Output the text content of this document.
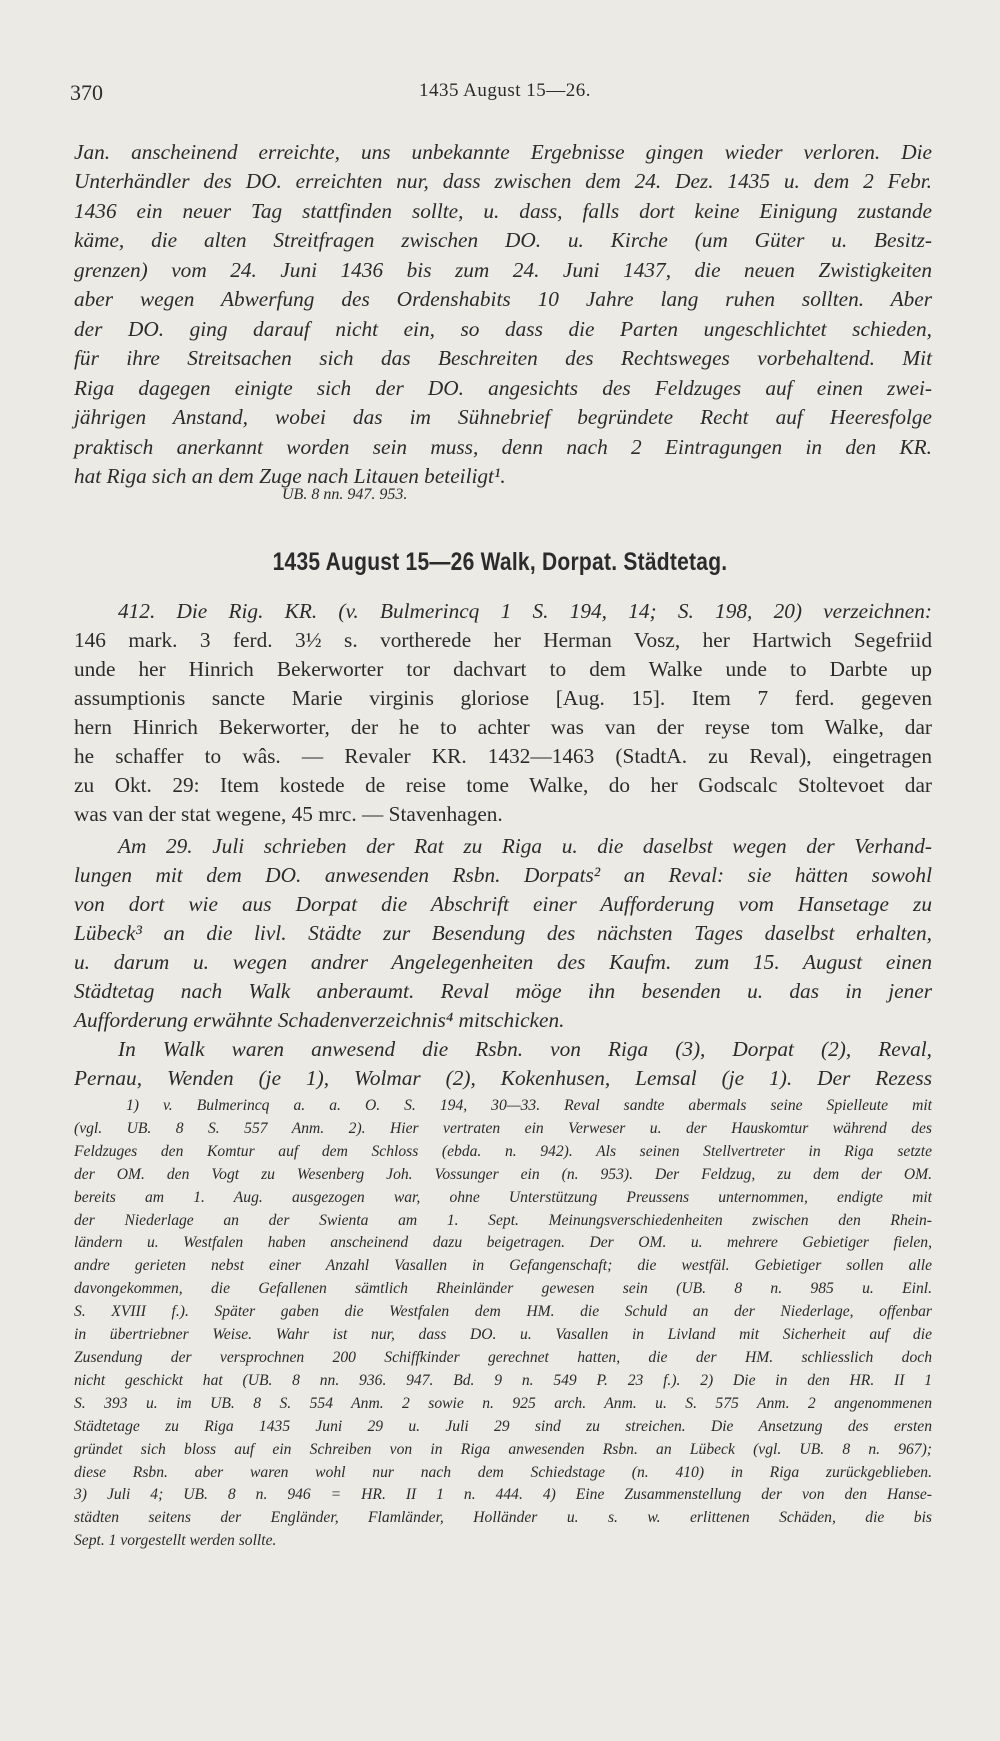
370	1435 August 15—26.

Jan. anscheinend erreichte, uns unbekannte Ergebnisse gingen wieder verloren. Die

Unterhändler des DO. erreichten nur, dass zwischen dem 24. Dez. 1435 u. dem 2 Febr.

1436 ein neuer Tag stattfinden sollte, u. dass, falls dort keine Einigung zustande

käme, die alten Streitfragen zwischen DO. u. Kirche (um Güter u. Besitz-

grenzen) vom 24. Juni 1436 bis zum 24. Juni 1437, die neuen Zwistigkeiten

aber wegen Abwerfung des Ordenshabits 10 Jahre lang ruhen sollten. Aber

der DO. ging darauf nicht ein, so dass die Parten ungeschlichtet schieden,

für ihre Streitsachen sich das Beschreiten des Rechtsweges vorbehaltend. Mit

Riga dagegen einigte sich der DO. angesichts des Feldzuges auf einen zwei-

jährigen Anstand, wobei das im Sühnebrief begründete Recht auf Heeresfolge

praktisch anerkannt worden sein muss, denn nach 2 Eintragungen in den KR.

hat Riga sich an dem Zuge nach Litauen beteiligt¹.

UB. 8 nn. 947. 953.
1435 August 15—26 Walk, Dorpat. Städtetag.

412. Die Rig. KR. (v. Bulmerincq 1 S. 194, 14; S. 198, 20) verzeichnen:

146 mark. 3 ferd. 3½ s. vortherede her Herman Vosz, her Hartwich Segefriid

unde her Hinrich Bekerworter tor dachvart to dem Walke unde to Darbte up

assumptionis sancte Marie virginis gloriose [Aug. 15]. Item 7 ferd. gegeven

hern Hinrich Bekerworter, der he to achter was van der reyse tom Walke, dar

he schaffer to wâs. — Revaler KR. 1432—1463 (StadtA. zu Reval), eingetragen

zu Okt. 29: Item kostede de reise tome Walke, do her Godscalc Stoltevoet dar

was van der stat wegene, 45 mrc. — Stavenhagen.

Am 29. Juli schrieben der Rat zu Riga u. die daselbst wegen der Verhand-

lungen mit dem DO. anwesenden Rsbn. Dorpats² an Reval: sie hätten sowohl

von dort wie aus Dorpat die Abschrift einer Aufforderung vom Hansetage zu

Lübeck³ an die livl. Städte zur Besendung des nächsten Tages daselbst erhalten,

u. darum u. wegen andrer Angelegenheiten des Kaufm. zum 15. August einen

Städtetag nach Walk anberaumt. Reval möge ihn besenden u. das in jener

Aufforderung erwähnte Schadenverzeichnis⁴ mitschicken.

In Walk waren anwesend die Rsbn. von Riga (3), Dorpat (2), Reval,

Pernau, Wenden (je 1), Wolmar (2), Kokenhusen, Lemsal (je 1). Der Rezess

1) v. Bulmerincq a. a. O. S. 194, 30—33. Reval sandte abermals seine Spielleute mit

(vgl. UB. 8 S. 557 Anm. 2). Hier vertraten ein Verweser u. der Hauskomtur während des

Feldzuges den Komtur auf dem Schloss (ebda. n. 942). Als seinen Stellvertreter in Riga setzte

der OM. den Vogt zu Wesenberg Joh. Vossunger ein (n. 953). Der Feldzug, zu dem der OM.

bereits am 1. Aug. ausgezogen war, ohne Unterstützung Preussens unternommen, endigte mit

der Niederlage an der Swienta am 1. Sept. Meinungsverschiedenheiten zwischen den Rhein-

ländern u. Westfalen haben anscheinend dazu beigetragen. Der OM. u. mehrere Gebietiger fielen,

andre gerieten nebst einer Anzahl Vasallen in Gefangenschaft; die westfäl. Gebietiger sollen alle

davongekommen, die Gefallenen sämtlich Rheinländer gewesen sein (UB. 8 n. 985 u. Einl.

S. XVIII f.). Später gaben die Westfalen dem HM. die Schuld an der Niederlage, offenbar

in übertriebner Weise. Wahr ist nur, dass DO. u. Vasallen in Livland mit Sicherheit auf die

Zusendung der versprochnen 200 Schiffkinder gerechnet hatten, die der HM. schliesslich doch

nicht geschickt hat (UB. 8 nn. 936. 947. Bd. 9 n. 549 P. 23 f.). 2) Die in den HR. II 1

S. 393 u. im UB. 8 S. 554 Anm. 2 sowie n. 925 arch. Anm. u. S. 575 Anm. 2 angenommenen

Städtetage zu Riga 1435 Juni 29 u. Juli 29 sind zu streichen. Die Ansetzung des ersten

gründet sich bloss auf ein Schreiben von in Riga anwesenden Rsbn. an Lübeck (vgl. UB. 8 n. 967);

diese Rsbn. aber waren wohl nur nach dem Schiedstage (n. 410) in Riga zurückgeblieben.

3) Juli 4; UB. 8 n. 946 = HR. II 1 n. 444. 4) Eine Zusammenstellung der von den Hanse-

städten seitens der Engländer, Flamländer, Holländer u. s. w. erlittenen Schäden, die bis

Sept. 1 vorgestellt werden sollte.
